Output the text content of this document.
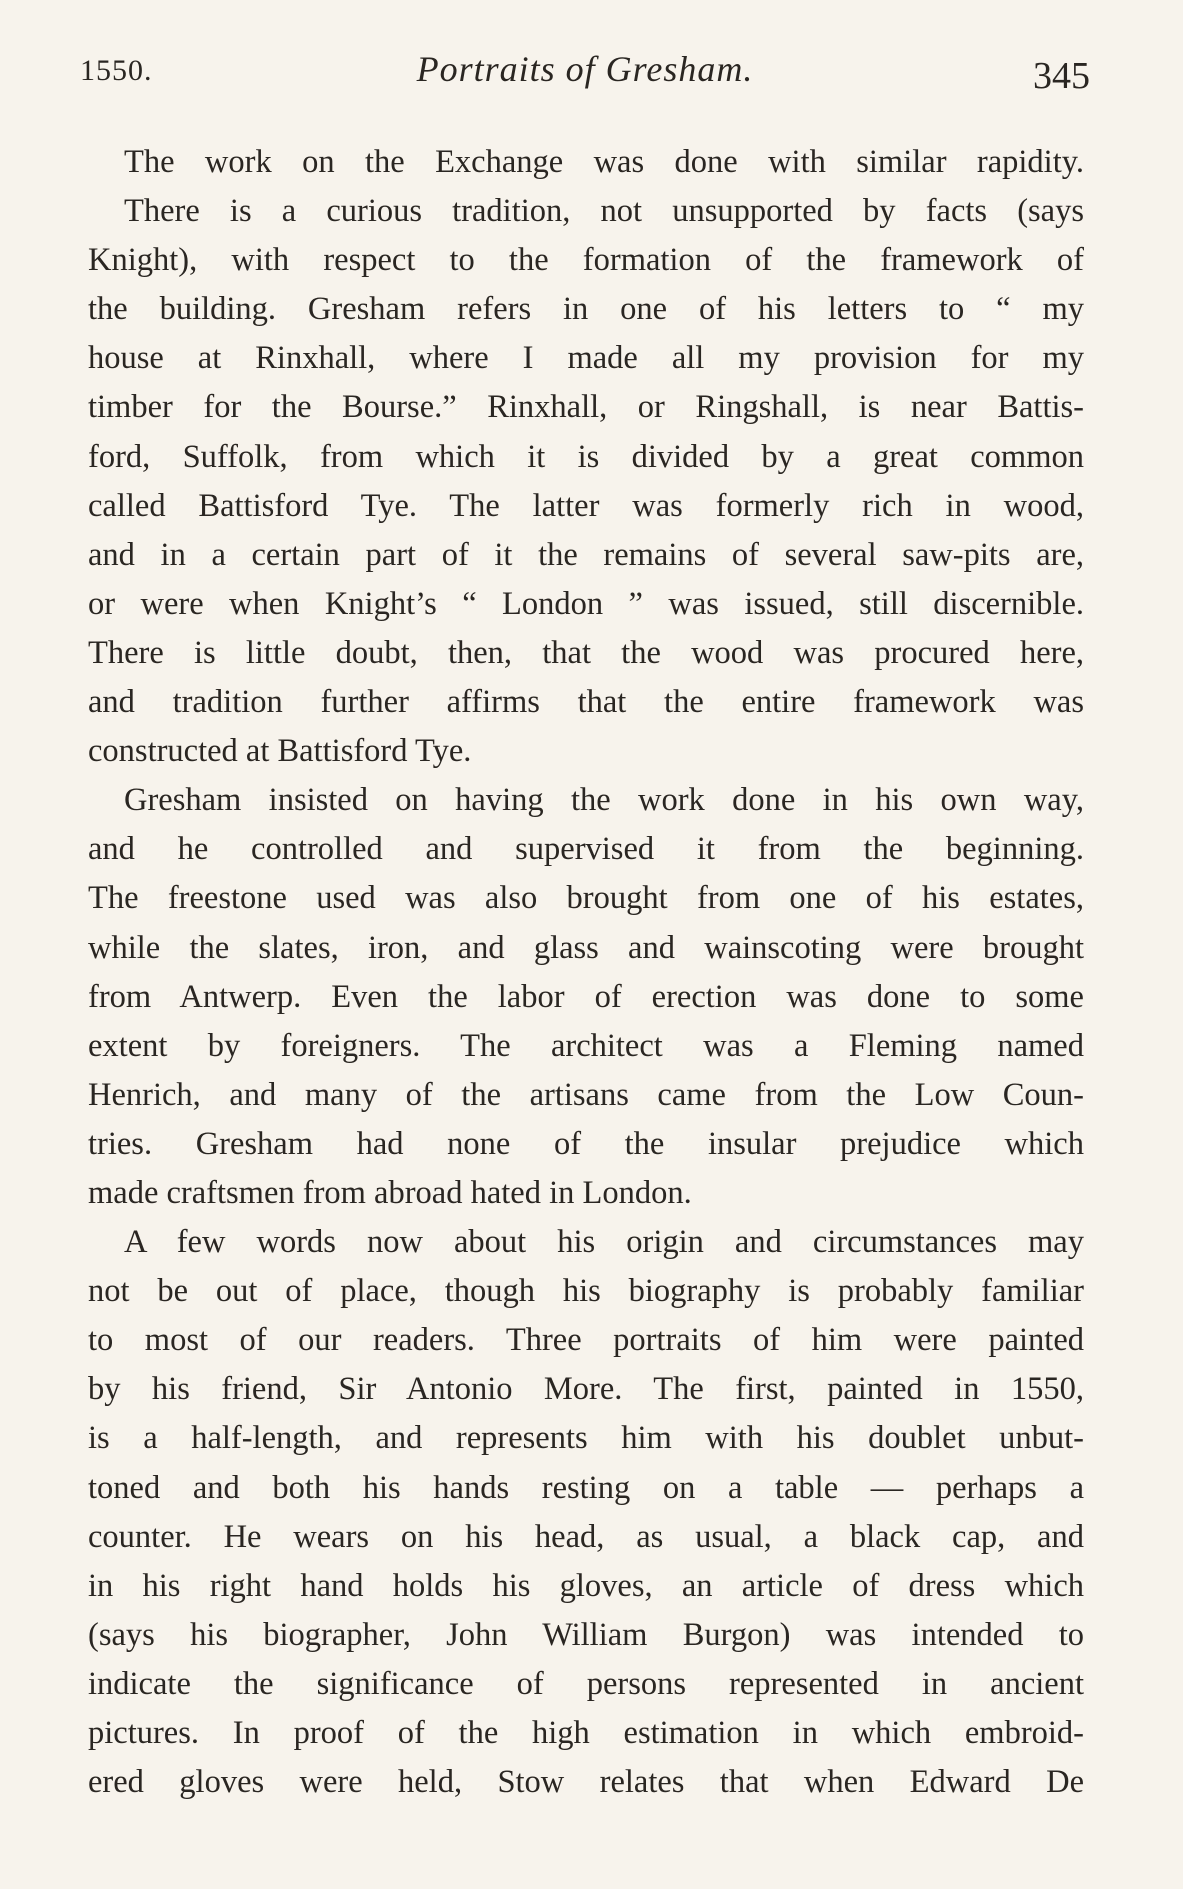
1550.	Portraits of Gresham.	345
The work on the Exchange was done with similar rapidity.
There is a curious tradition, not unsupported by facts (says
Knight), with respect to the formation of the framework of
the building. Gresham refers in one of his letters to “ my
house at Rinxhall, where I made all my provision for my
timber for the Bourse.” Rinxhall, or Ringshall, is near Battis-
ford, Suffolk, from which it is divided by a great common
called Battisford Tye. The latter was formerly rich in wood,
and in a certain part of it the remains of several saw-pits are,
or were when Knight’s “ London ” was issued, still discernible.
There is little doubt, then, that the wood was procured here,
and tradition further affirms that the entire framework was
constructed at Battisford Tye.
Gresham insisted on having the work done in his own way,
and he controlled and supervised it from the beginning.
The freestone used was also brought from one of his estates,
while the slates, iron, and glass and wainscoting were brought
from Antwerp. Even the labor of erection was done to some
extent by foreigners. The architect was a Fleming named
Henrich, and many of the artisans came from the Low Coun-
tries. Gresham had none of the insular prejudice which
made craftsmen from abroad hated in London.
A few words now about his origin and circumstances may
not be out of place, though his biography is probably familiar
to most of our readers. Three portraits of him were painted
by his friend, Sir Antonio More. The first, painted in 1550,
is a half-length, and represents him with his doublet unbut-
toned and both his hands resting on a table — perhaps a
counter. He wears on his head, as usual, a black cap, and
in his right hand holds his gloves, an article of dress which
(says his biographer, John William Burgon) was intended to
indicate the significance of persons represented in ancient
pictures. In proof of the high estimation in which embroid-
ered gloves were held, Stow relates that when Edward De
